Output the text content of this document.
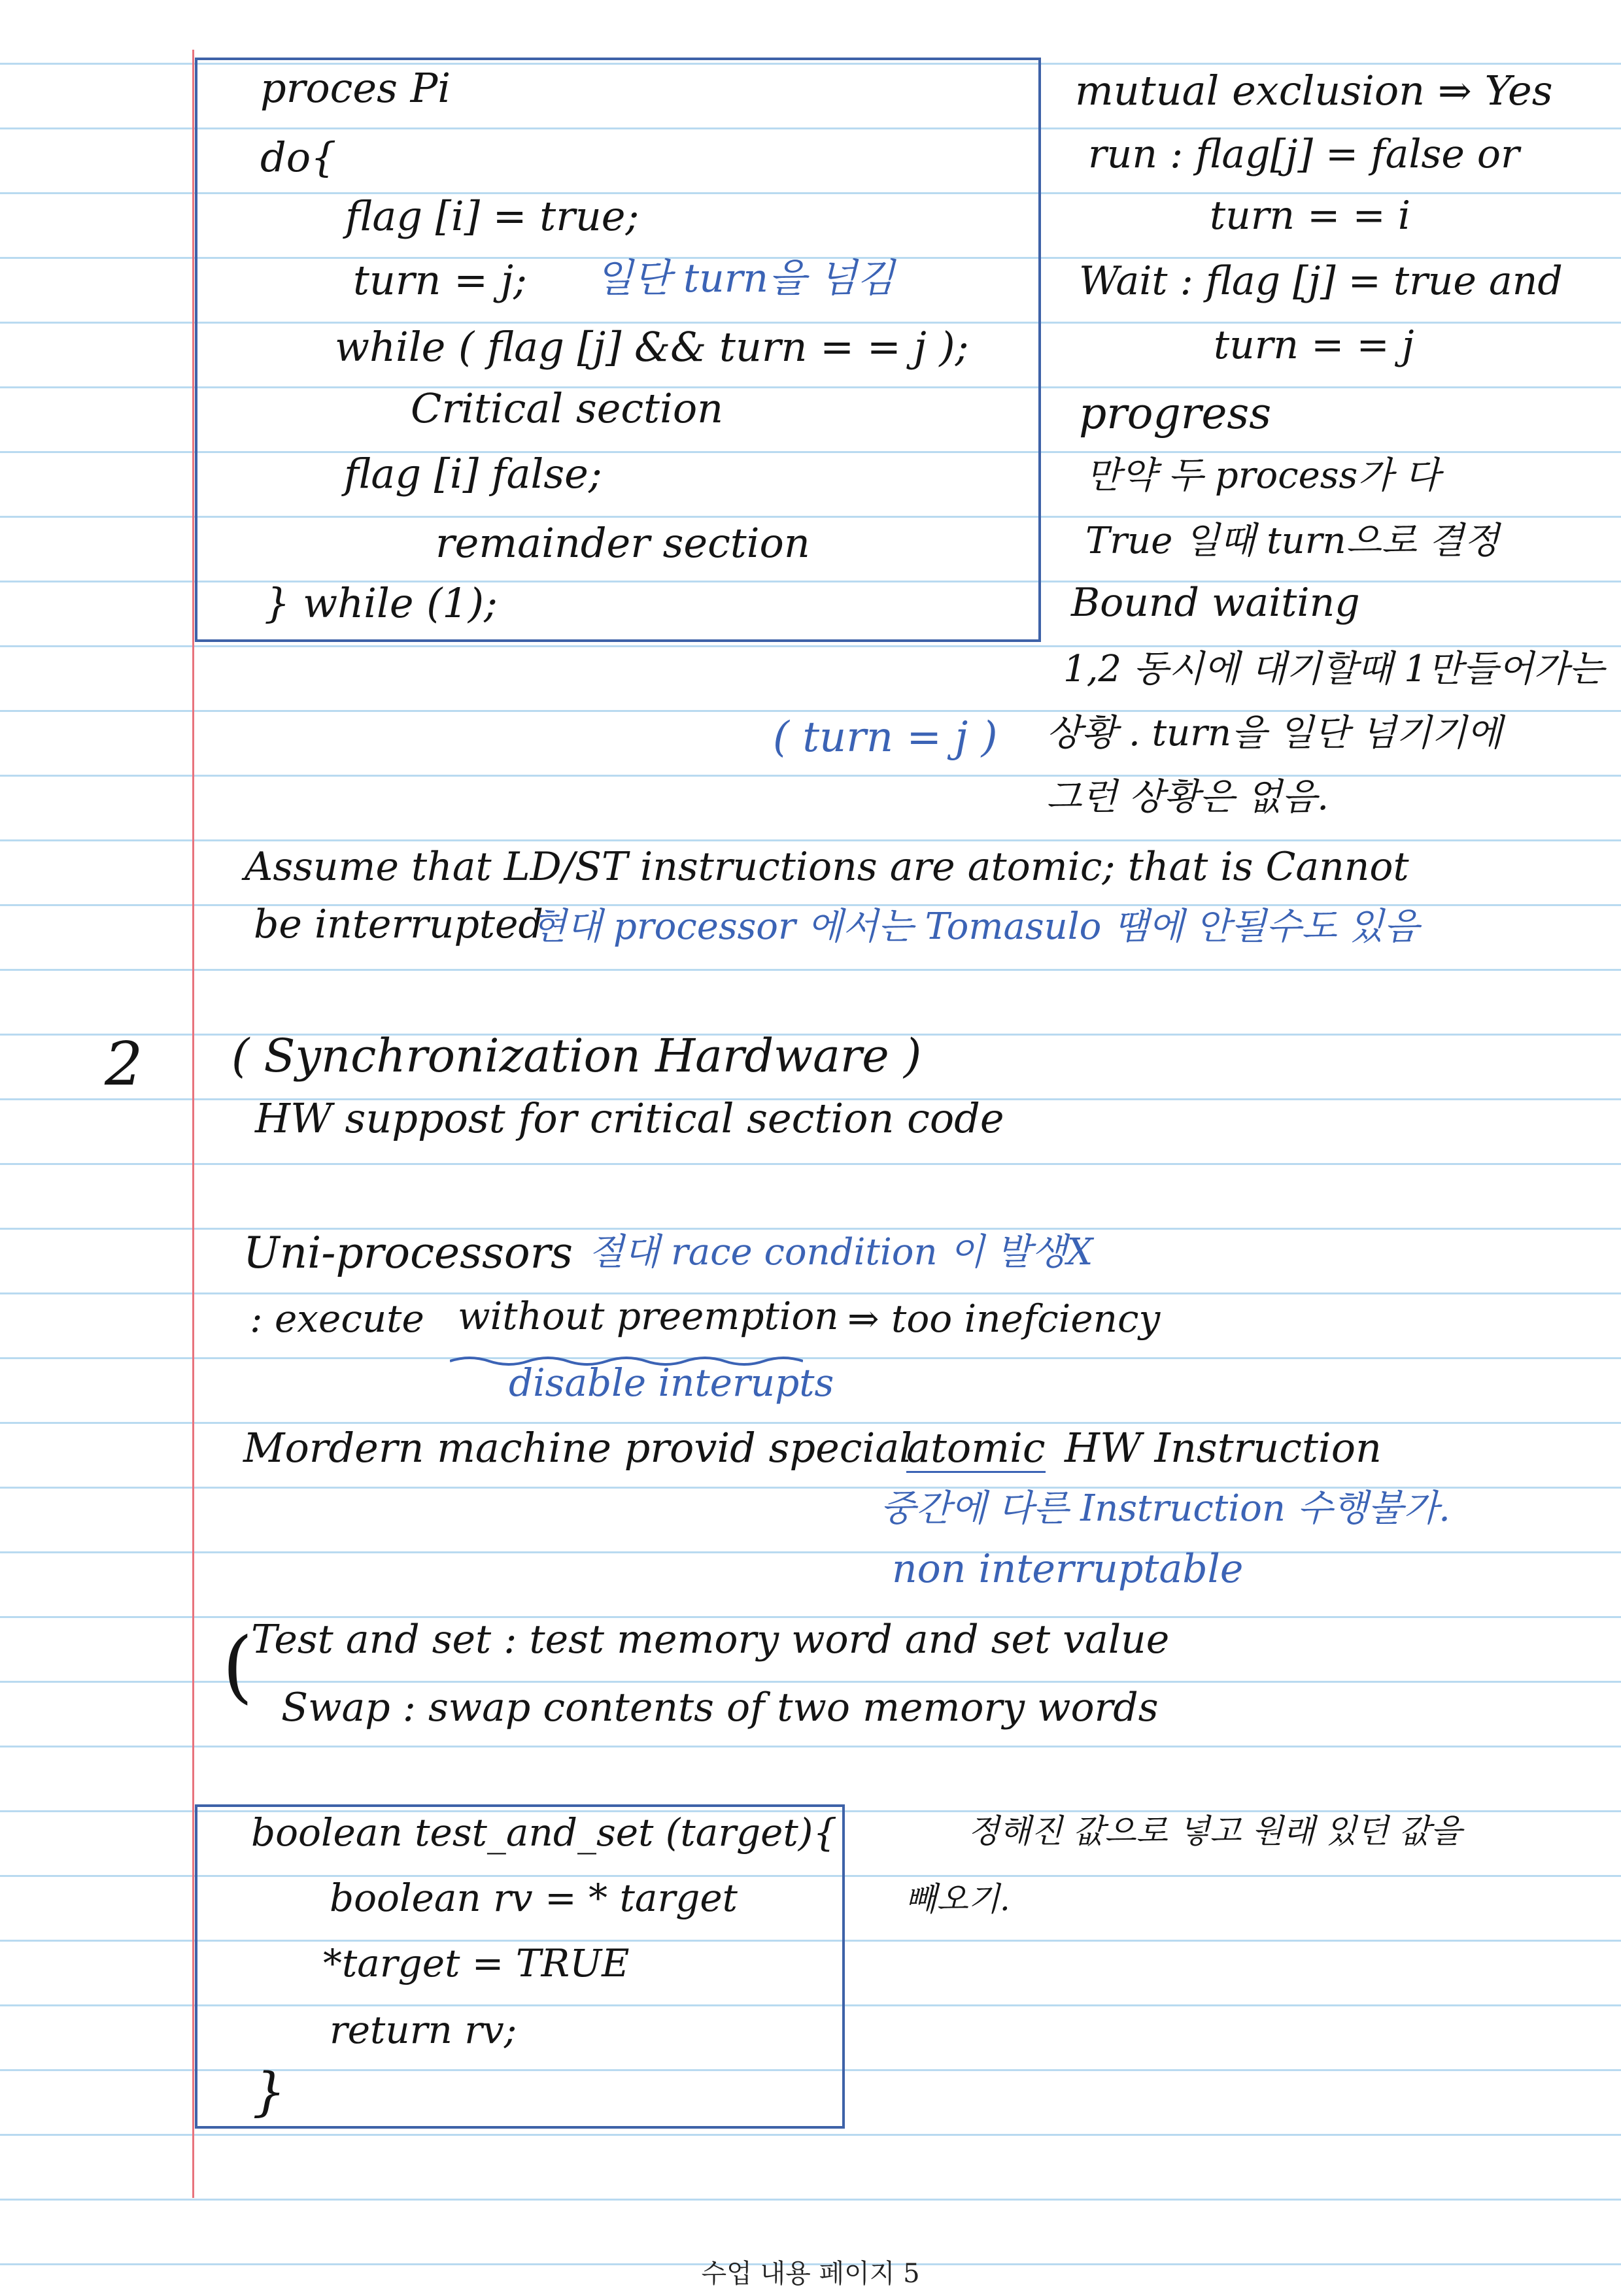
proces Pi
do{
flag [i] = true;
turn = j; 일단 turn을 넘김
while ( flag [j] && turn = = j );
Critical section
flag [i] false;
remainder section
} while (1);
mutual exclusion ⇒ Yes
run : flag[j] = false or
turn = = i
Wait : flag [j] = true and
turn = = j
progress
만약 두 process가 다
True 일때 turn으로 결정
Bound waiting
1,2 동시에 대기할때 1만들어가는
( turn = j ) 상황 . turn을 일단 넘기기에
그런 상황은 없음.
Assume that LD/ST instructions are atomic; that is Cannot
be interrupted
현대 processor 에서는 Tomasulo 땜에 안될수도 있음
2 ( Synchronization Hardware )
HW suppost for critical section code
Uni-processors 절대 race condition 이 발생X
: execute without preemption ⇒ too inefciency
disable interupts
Mordern machine provid special
atomic HW Instruction
중간에 다른 Instruction 수행불가.
non interruptable
(
Test and set : test memory word and set value
Swap : swap contents of two memory words
boolean test_and_set (target){
boolean rv = * target
*target = TRUE
return rv;
}
정해진 값으로 넣고 원래 있던 값을
빼오기.
수업 내용 페이지 5
